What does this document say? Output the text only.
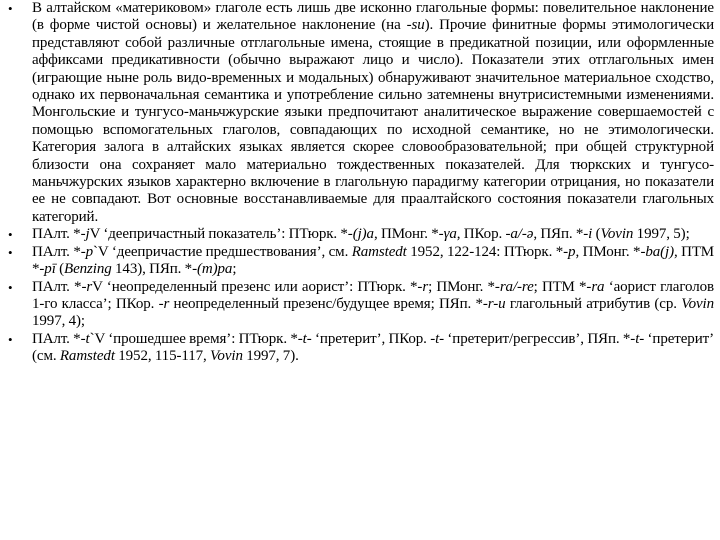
• В алтайском «материковом» глаголе есть лишь две исконно глагольные формы: повелительное наклонение (в форме чистой основы) и желательное наклонение (на -su). Прочие финитные формы этимологически представляют собой различные отглагольные имена, стоящие в предикатной позиции, или оформленные аффиксами предикативности (обычно выражают лицо и число). Показатели этих отглагольных имен (играющие ныне роль видо-временных и модальных) обнаруживают значительное материальное сходство, однако их первоначальная семантика и употребление сильно затемнены внутрисистемными изменениями. Монгольские и тунгусо-маньчжурские языки предпочитают аналитическое выражение совершаемостей с помощью вспомогательных глаголов, совпадающих по исходной семантике, но не этимологически. Категория залога в алтайских языках является скорее словообразовательной; при общей структурной близости она сохраняет мало материально тождественных показателей. Для тюркских и тунгусо-маньчжурских языков характерно включение в глагольную парадигму категории отрицания, но показатели ее не совпадают. Вот основные восстанавливаемые для праалтайского состояния показатели глагольных категорий.
• ПАлт. *-jV ‘деепричастный показатель’: ПТюрк. *-(j)a, ПМонг. *-γa, ПКор. -a/-ə, ПЯп. *-i (Vovin 1997, 5);
• ПАлт. *-p`V ‘деепричастие предшествования’, см. Ramstedt 1952, 122-124: ПТюрк. *-p, ПМонг. *-ba(j), ПТМ *-pī (Benzing 143), ПЯп. *-(m)pa;
• ПАлт. *-rV ‘неопределенный презенс или аорист’: ПТюрк. *-r; ПМонг. *-ra/-re; ПТМ *-ra ‘аорист глаголов 1-го класса’; ПКор. -r неопределенный презенс/будущее время; ПЯп. *-r-u глагольный атрибутив (ср. Vovin 1997, 4);
• ПАлт. *-t`V ‘прошедшее время’: ПТюрк. *-t- ‘претерит’, ПКор. -t- ‘претерит/регрессив’, ПЯп. *-t- ‘претерит’ (см. Ramstedt 1952, 115-117, Vovin 1997, 7).
